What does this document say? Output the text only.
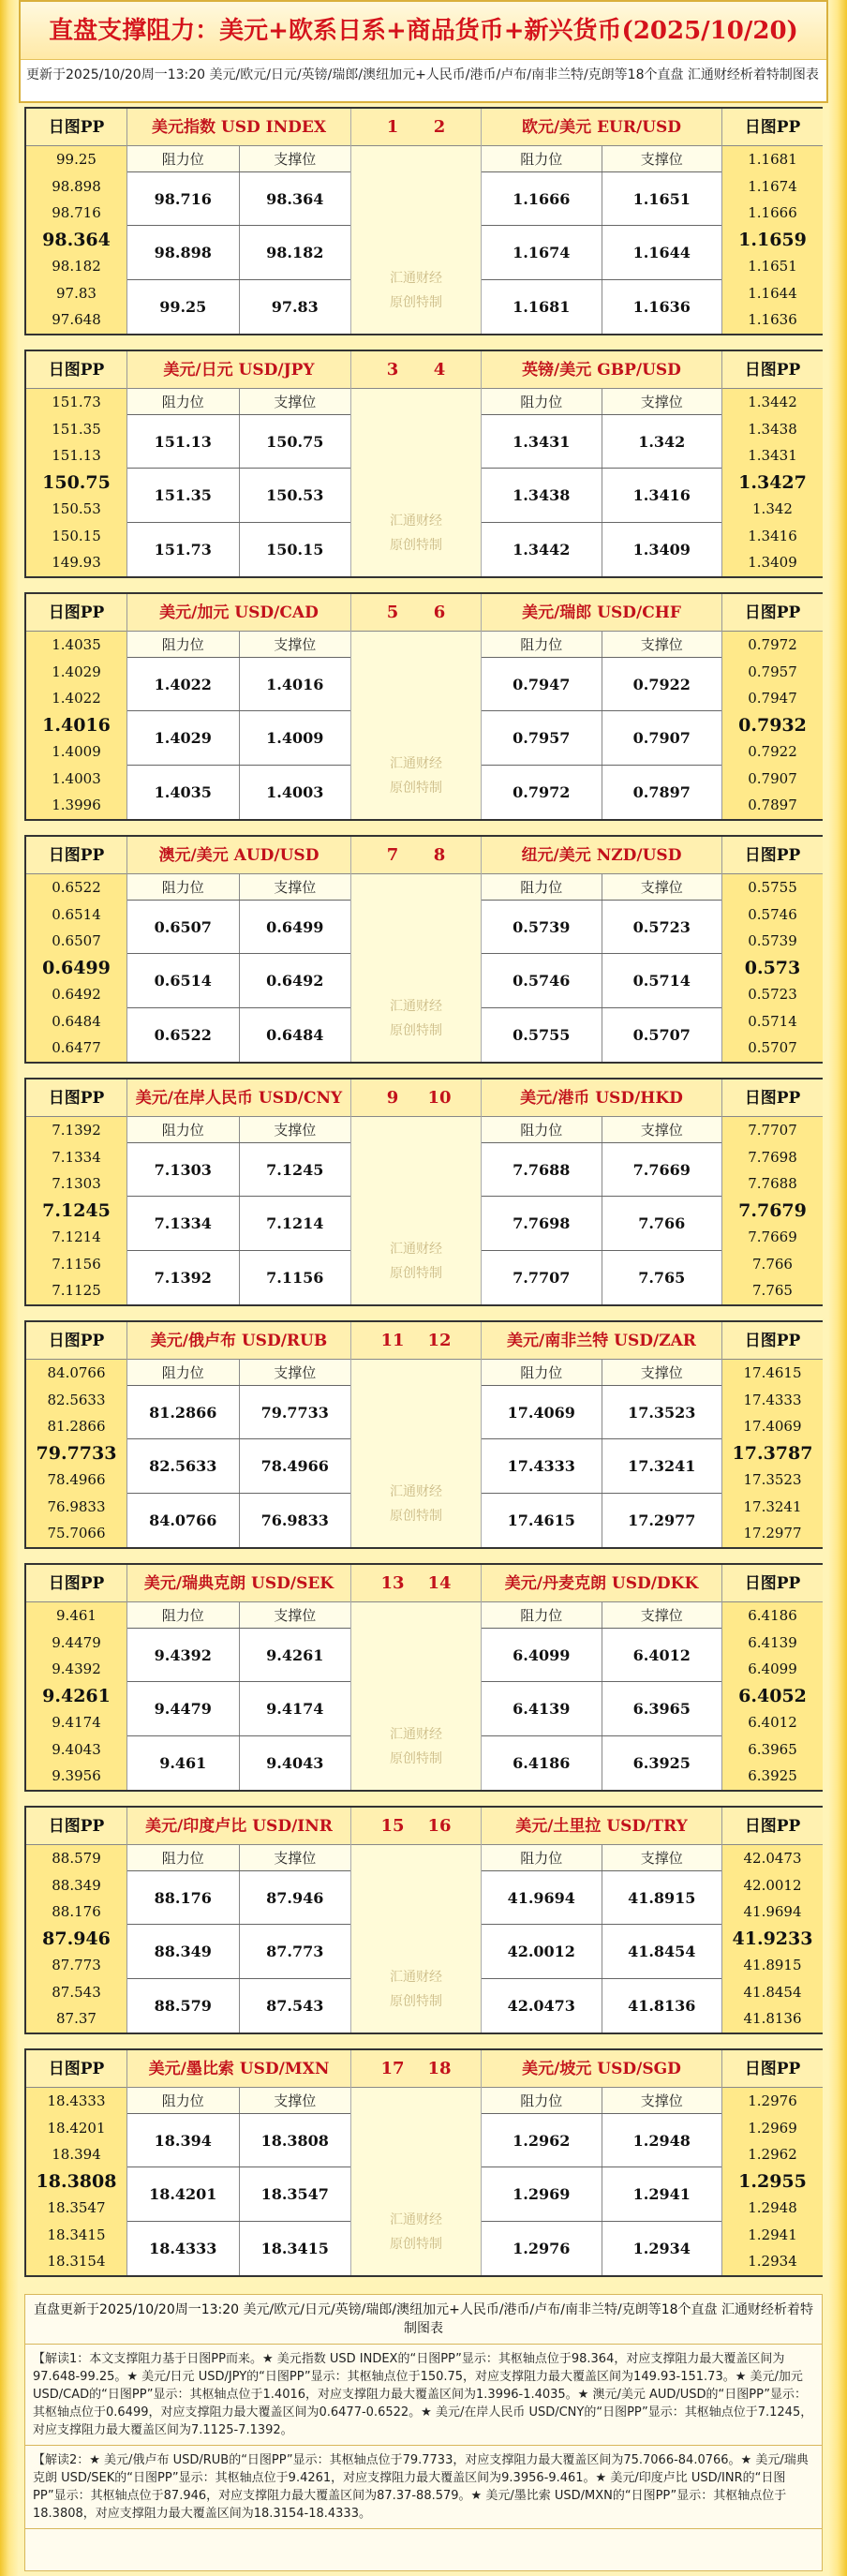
直盘支撑阻力：美元+欧系日系+商品货币+新兴货币(2025/10/20)
更新于2025/10/20周一13:20 美元/欧元/日元/英镑/瑞郎/澳纽加元+人民币/港币/卢布/南非兰特/克朗等18个直盘 汇通财经析着特制图表
日图PP
99.25
98.898
98.716
98.364
98.182
97.83
97.648
美元指数 USD INDEX
阻力位	支撑位
98.716	98.364
98.898	98.182
99.25	97.83
日图PP
1.1681
1.1674
1.1666
1.1659
1.1651
1.1644
1.1636
欧元/美元 EUR/USD
阻力位	支撑位
1.1666	1.1651
1.1674	1.1644
1.1681	1.1636
1 2
汇通财经
原创特制
日图PP
151.73
151.35
151.13
150.75
150.53
150.15
149.93
美元/日元 USD/JPY
阻力位	支撑位
151.13	150.75
151.35	150.53
151.73	150.15
日图PP
1.3442
1.3438
1.3431
1.3427
1.342
1.3416
1.3409
英镑/美元 GBP/USD
阻力位	支撑位
1.3431	1.342
1.3438	1.3416
1.3442	1.3409
3 4
汇通财经
原创特制
日图PP
1.4035
1.4029
1.4022
1.4016
1.4009
1.4003
1.3996
美元/加元 USD/CAD
阻力位	支撑位
1.4022	1.4016
1.4029	1.4009
1.4035	1.4003
日图PP
0.7972
0.7957
0.7947
0.7932
0.7922
0.7907
0.7897
美元/瑞郎 USD/CHF
阻力位	支撑位
0.7947	0.7922
0.7957	0.7907
0.7972	0.7897
5 6
汇通财经
原创特制
日图PP
0.6522
0.6514
0.6507
0.6499
0.6492
0.6484
0.6477
澳元/美元 AUD/USD
阻力位	支撑位
0.6507	0.6499
0.6514	0.6492
0.6522	0.6484
日图PP
0.5755
0.5746
0.5739
0.573
0.5723
0.5714
0.5707
纽元/美元 NZD/USD
阻力位	支撑位
0.5739	0.5723
0.5746	0.5714
0.5755	0.5707
7 8
汇通财经
原创特制
日图PP
7.1392
7.1334
7.1303
7.1245
7.1214
7.1156
7.1125
美元/在岸人民币 USD/CNY
阻力位	支撑位
7.1303	7.1245
7.1334	7.1214
7.1392	7.1156
日图PP
7.7707
7.7698
7.7688
7.7679
7.7669
7.766
7.765
美元/港币 USD/HKD
阻力位	支撑位
7.7688	7.7669
7.7698	7.766
7.7707	7.765
9 10
汇通财经
原创特制
日图PP
84.0766
82.5633
81.2866
79.7733
78.4966
76.9833
75.7066
美元/俄卢布 USD/RUB
阻力位	支撑位
81.2866	79.7733
82.5633	78.4966
84.0766	76.9833
日图PP
17.4615
17.4333
17.4069
17.3787
17.3523
17.3241
17.2977
美元/南非兰特 USD/ZAR
阻力位	支撑位
17.4069	17.3523
17.4333	17.3241
17.4615	17.2977
11 12
汇通财经
原创特制
日图PP
9.461
9.4479
9.4392
9.4261
9.4174
9.4043
9.3956
美元/瑞典克朗 USD/SEK
阻力位	支撑位
9.4392	9.4261
9.4479	9.4174
9.461	9.4043
日图PP
6.4186
6.4139
6.4099
6.4052
6.4012
6.3965
6.3925
美元/丹麦克朗 USD/DKK
阻力位	支撑位
6.4099	6.4012
6.4139	6.3965
6.4186	6.3925
13 14
汇通财经
原创特制
日图PP
88.579
88.349
88.176
87.946
87.773
87.543
87.37
美元/印度卢比 USD/INR
阻力位	支撑位
88.176	87.946
88.349	87.773
88.579	87.543
日图PP
42.0473
42.0012
41.9694
41.9233
41.8915
41.8454
41.8136
美元/土里拉 USD/TRY
阻力位	支撑位
41.9694	41.8915
42.0012	41.8454
42.0473	41.8136
15 16
汇通财经
原创特制
日图PP
18.4333
18.4201
18.394
18.3808
18.3547
18.3415
18.3154
美元/墨比索 USD/MXN
阻力位	支撑位
18.394	18.3808
18.4201	18.3547
18.4333	18.3415
日图PP
1.2976
1.2969
1.2962
1.2955
1.2948
1.2941
1.2934
美元/坡元 USD/SGD
阻力位	支撑位
1.2962	1.2948
1.2969	1.2941
1.2976	1.2934
17 18
汇通财经
原创特制
直盘更新于2025/10/20周一13:20 美元/欧元/日元/英镑/瑞郎/澳纽加元+人民币/港币/卢布/南非兰特/克朗等18个直盘 汇通财经析着特制图表
【解读1：本文支撑阻力基于日图PP而来。★ 美元指数 USD INDEX的“日图PP”显示：其枢轴点位于98.364，对应支撑阻力最大覆盖区间为97.648-99.25。★ 美元/日元 USD/JPY的“日图PP”显示：其枢轴点位于150.75，对应支撑阻力最大覆盖区间为149.93-151.73。★ 美元/加元 USD/CAD的“日图PP”显示：其枢轴点位于1.4016，对应支撑阻力最大覆盖区间为1.3996-1.4035。★ 澳元/美元 AUD/USD的“日图PP”显示：其枢轴点位于0.6499，对应支撑阻力最大覆盖区间为0.6477-0.6522。★ 美元/在岸人民币 USD/CNY的“日图PP”显示：其枢轴点位于7.1245，对应支撑阻力最大覆盖区间为7.1125-7.1392。
【解读2：★ 美元/俄卢布 USD/RUB的“日图PP”显示：其枢轴点位于79.7733，对应支撑阻力最大覆盖区间为75.7066-84.0766。★ 美元/瑞典克朗 USD/SEK的“日图PP”显示：其枢轴点位于9.4261，对应支撑阻力最大覆盖区间为9.3956-9.461。★ 美元/印度卢比 USD/INR的“日图PP”显示：其枢轴点位于87.946，对应支撑阻力最大覆盖区间为87.37-88.579。★ 美元/墨比索 USD/MXN的“日图PP”显示：其枢轴点位于18.3808，对应支撑阻力最大覆盖区间为18.3154-18.4333。
